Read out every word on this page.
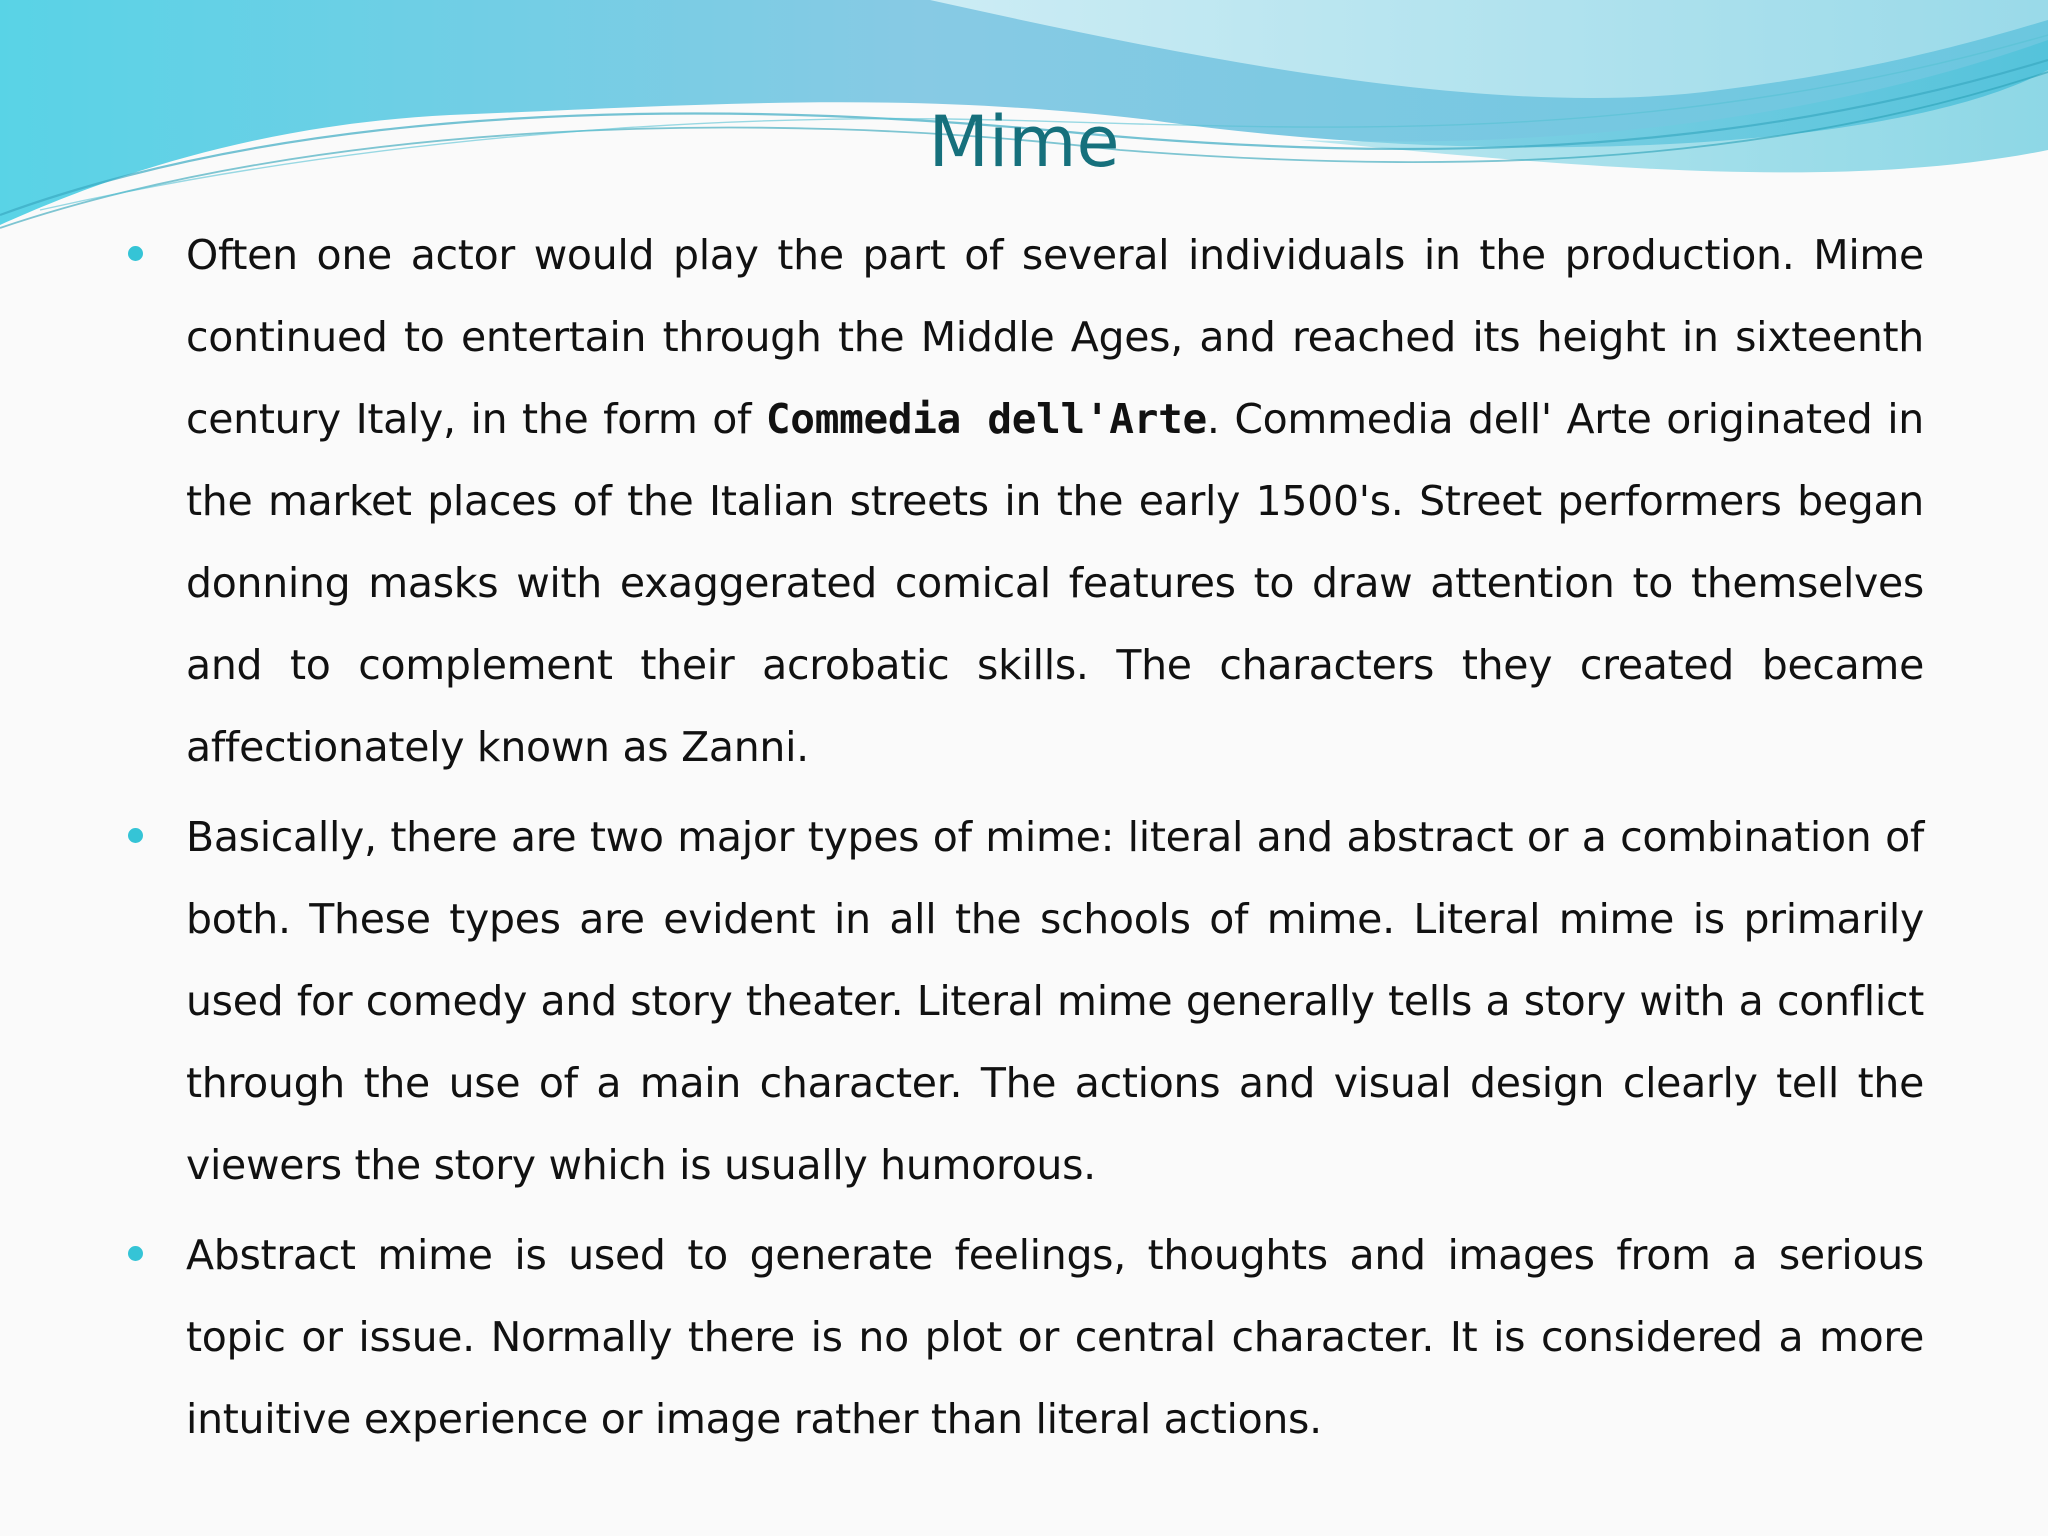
Mime
Often one actor would play the part of several individuals in the production. Mime continued to entertain through the Middle Ages, and reached its height in sixteenth century Italy, in the form of Commedia dell'Arte. Commedia dell' Arte originated in the market places of the Italian streets in the early 1500's. Street performers began donning masks with exaggerated comical features to draw attention to themselves and to complement their acrobatic skills. The characters they created became affectionately known as Zanni.
Basically, there are two major types of mime: literal and abstract or a combination of both. These types are evident in all the schools of mime. Literal mime is primarily used for comedy and story theater. Literal mime generally tells a story with a conflict through the use of a main character. The actions and visual design clearly tell the viewers the story which is usually humorous.
Abstract mime is used to generate feelings, thoughts and images from a serious topic or issue. Normally there is no plot or central character. It is considered a more intuitive experience or image rather than literal actions.
